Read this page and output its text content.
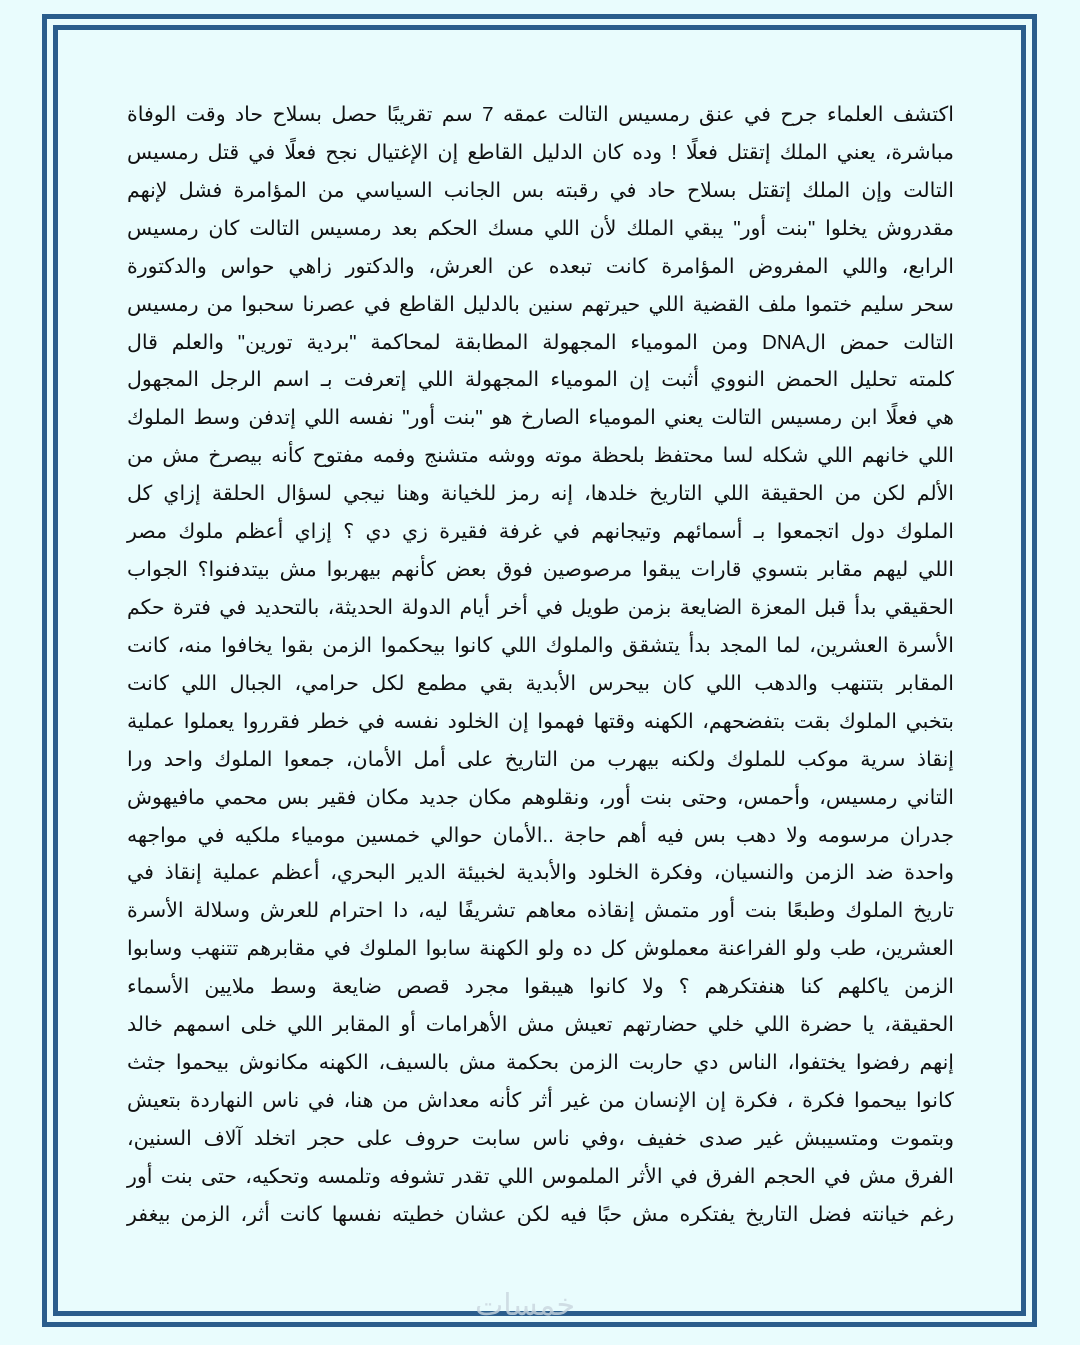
اكتشف العلماء جرح في عنق رمسيس التالت عمقه 7 سم تقريبًا حصل بسلاح حاد وقت الوفاة
مباشرة، يعني الملك إتقتل فعلًا ! وده كان الدليل القاطع إن الإغتيال نجح فعلًا في قتل رمسيس
التالت وإن الملك إتقتل بسلاح حاد في رقبته بس الجانب السياسي من المؤامرة فشل لإنهم
مقدروش يخلوا "بنت أور" يبقي الملك لأن اللي مسك الحكم بعد رمسيس التالت كان رمسيس
الرابع، واللي المفروض المؤامرة كانت تبعده عن العرش، والدكتور زاهي حواس والدكتورة
سحر سليم ختموا ملف القضية اللي حيرتهم سنين بالدليل القاطع في عصرنا سحبوا من رمسيس
التالت حمض الDNA ومن المومياء المجهولة المطابقة لمحاكمة "بردية تورين" والعلم قال
كلمته تحليل الحمض النووي أثبت إن المومياء المجهولة اللي إتعرفت بـ اسم الرجل المجهول
هي فعلًا ابن رمسيس التالت يعني المومياء الصارخ هو "بنت أور" نفسه اللي إتدفن وسط الملوك
اللي خانهم اللي شكله لسا محتفظ بلحظة موته ووشه متشنج وفمه مفتوح كأنه بيصرخ مش من
الألم لكن من الحقيقة اللي التاريخ خلدها، إنه رمز للخيانة وهنا نيجي لسؤال الحلقة إزاي كل
الملوك دول اتجمعوا بـ أسمائهم وتيجانهم في غرفة فقيرة زي دي ؟ إزاي أعظم ملوك مصر
اللي ليهم مقابر بتسوي قارات يبقوا مرصوصين فوق بعض كأنهم بيهربوا مش بيتدفنوا؟ الجواب
الحقيقي بدأ قبل المعزة الضايعة بزمن طويل في أخر أيام الدولة الحديثة، بالتحديد في فترة حكم
الأسرة العشرين، لما المجد بدأ يتشقق والملوك اللي كانوا بيحكموا الزمن بقوا يخافوا منه، كانت
المقابر بتتنهب والدهب اللي كان بيحرس الأبدية بقي مطمع لكل حرامي، الجبال اللي كانت
بتخبي الملوك بقت بتفضحهم، الكهنه وقتها فهموا إن الخلود نفسه في خطر فقرروا يعملوا عملية
إنقاذ سرية موكب للملوك ولكنه بيهرب من التاريخ على أمل الأمان، جمعوا الملوك واحد ورا
التاني رمسيس، وأحمس، وحتى بنت أور، ونقلوهم مكان جديد مكان فقير بس محمي مافيهوش
جدران مرسومه ولا دهب بس فيه أهم حاجة ..الأمان حوالي خمسين مومياء ملكيه في مواجهه
واحدة ضد الزمن والنسيان، وفكرة الخلود والأبدية لخبيئة الدير البحري، أعظم عملية إنقاذ في
تاريخ الملوك وطبعًا بنت أور متمش إنقاذه معاهم تشريفًا ليه، دا احترام للعرش وسلالة الأسرة
العشرين، طب ولو الفراعنة معملوش كل ده ولو الكهنة سابوا الملوك في مقابرهم تتنهب وسابوا
الزمن ياكلهم كنا هنفتكرهم ؟ ولا كانوا هيبقوا مجرد قصص ضايعة وسط ملايين الأسماء
الحقيقة، يا حضرة اللي خلي حضارتهم تعيش مش الأهرامات أو المقابر اللي خلى اسمهم خالد
إنهم رفضوا يختفوا، الناس دي حاربت الزمن بحكمة مش بالسيف، الكهنه مكانوش بيحموا جثث
كانوا بيحموا فكرة ، فكرة إن الإنسان من غير أثر كأنه معداش من هنا، في ناس النهاردة بتعيش
وبتموت ومتسيبش غير صدى خفيف ،وفي ناس سابت حروف على حجر اتخلد آلاف السنين،
الفرق مش في الحجم الفرق في الأثر الملموس اللي تقدر تشوفه وتلمسه وتحكيه، حتى بنت أور
رغم خيانته فضل التاريخ يفتكره مش حبًا فيه لكن عشان خطيته نفسها كانت أثر، الزمن بيغفر
خمسات
